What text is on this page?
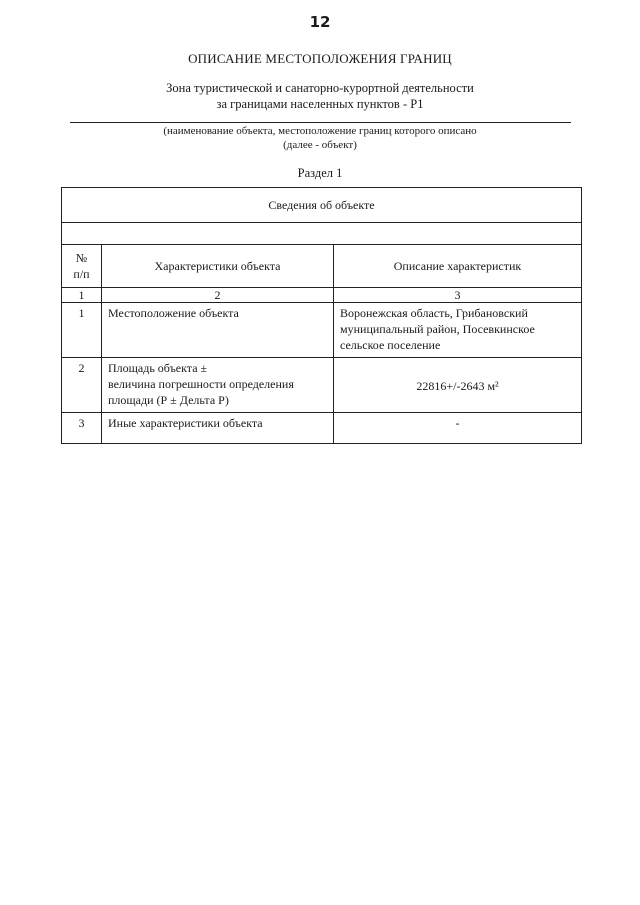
12
ОПИСАНИЕ МЕСТОПОЛОЖЕНИЯ ГРАНИЦ
Зона туристической и санаторно-курортной деятельности
за границами населенных пунктов - Р1
(наименование объекта, местоположение границ которого описано
(далее - объект)
Раздел 1
Сведения об объекте		

№
п/п	Характеристики объекта	Описание характеристик
1	2	3
1	Местоположение объекта	Воронежская область, Грибановский
муниципальный район, Посевкинское
сельское поселение

2	Площадь объекта ±
величина погрешности определения
площади (Р ± Дельта Р)	22816+/-2643 м²

3	Иные характеристики объекта	-
